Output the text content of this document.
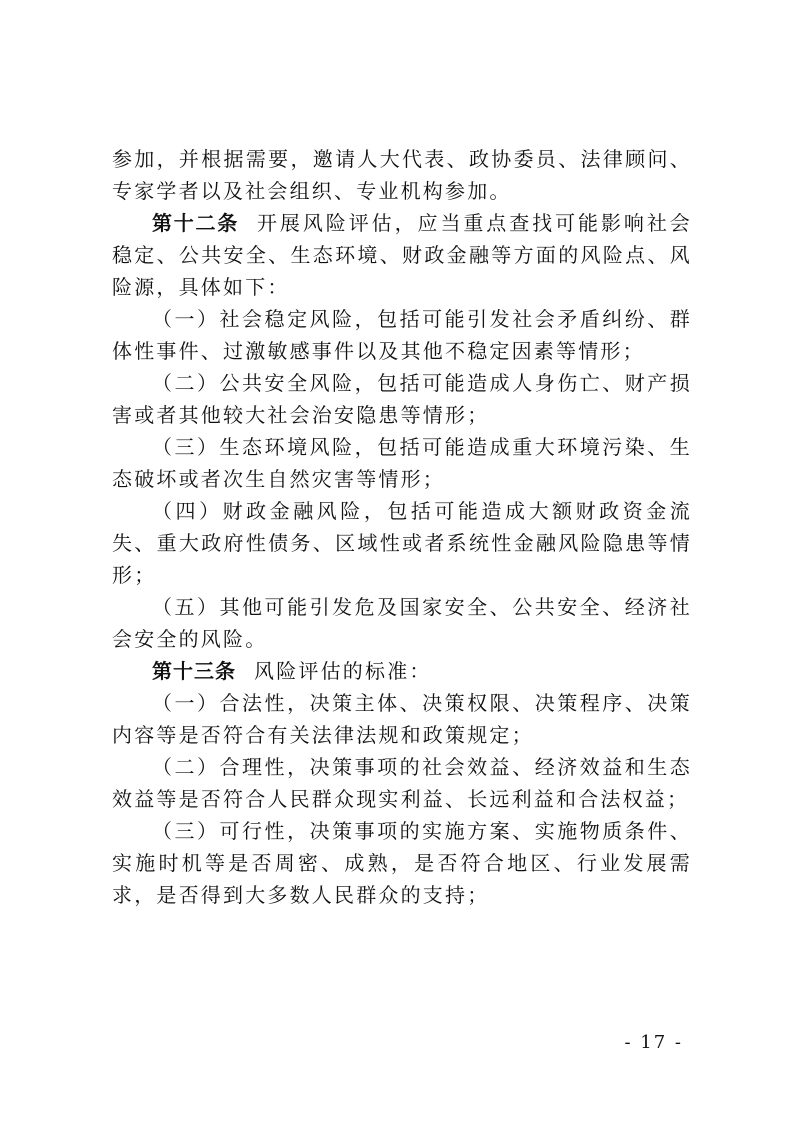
参加，并根据需要，邀请人大代表、政协委员、法律顾问、专家学者以及社会组织、专业机构参加。

第十二条 开展风险评估，应当重点查找可能影响社会稳定、公共安全、生态环境、财政金融等方面的风险点、风险源，具体如下：

（一）社会稳定风险，包括可能引发社会矛盾纠纷、群体性事件、过激敏感事件以及其他不稳定因素等情形；

（二）公共安全风险，包括可能造成人身伤亡、财产损害或者其他较大社会治安隐患等情形；

（三）生态环境风险，包括可能造成重大环境污染、生态破坏或者次生自然灾害等情形；

（四）财政金融风险，包括可能造成大额财政资金流失、重大政府性债务、区域性或者系统性金融风险隐患等情形；

（五）其他可能引发危及国家安全、公共安全、经济社会安全的风险。

第十三条 风险评估的标准：

（一）合法性，决策主体、决策权限、决策程序、决策内容等是否符合有关法律法规和政策规定；

（二）合理性，决策事项的社会效益、经济效益和生态效益等是否符合人民群众现实利益、长远利益和合法权益；

（三）可行性，决策事项的实施方案、实施物质条件、实施时机等是否周密、成熟，是否符合地区、行业发展需求，是否得到大多数人民群众的支持；

- 17 -
